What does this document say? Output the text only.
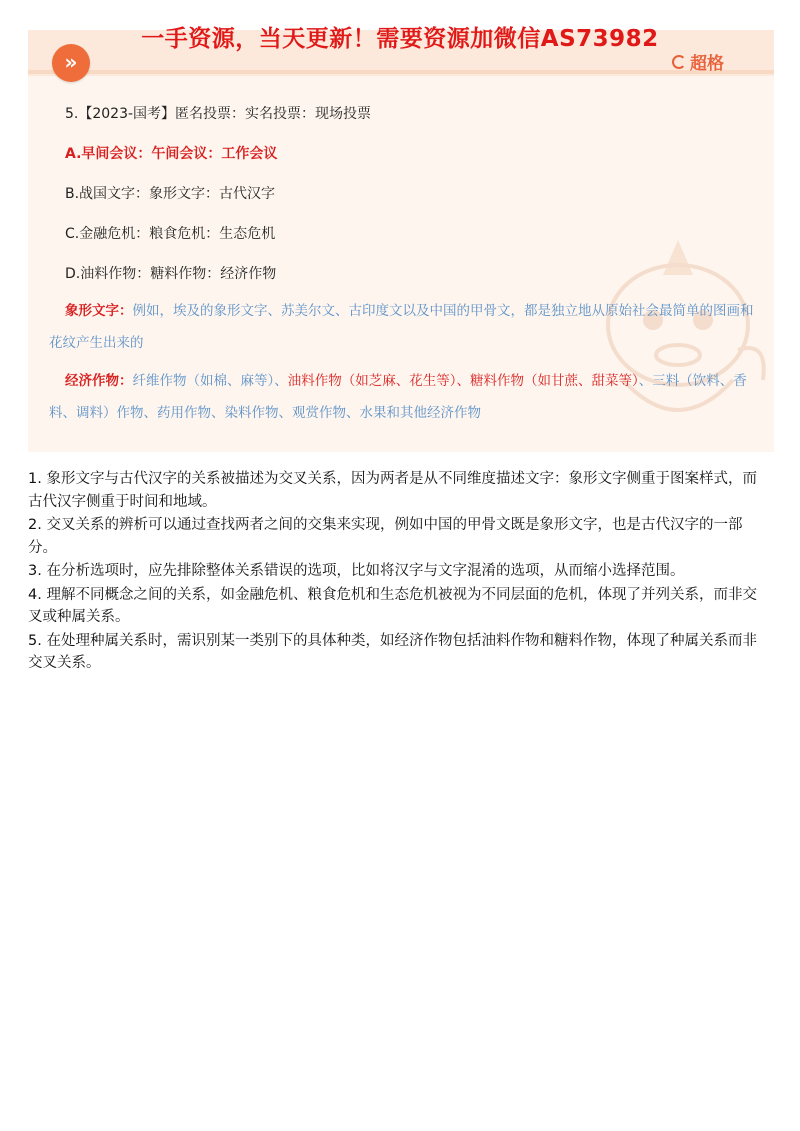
一手资源，当天更新！需要资源加微信AS73982
»	超格
5.【2023-国考】匿名投票：实名投票：现场投票
A.早间会议：午间会议：工作会议
B.战国文字：象形文字：古代汉字
C.金融危机：粮食危机：生态危机
D.油料作物：糖料作物：经济作物
象形文字：例如，埃及的象形文字、苏美尔文、古印度文以及中国的甲骨文，都是独立地从原始社会最简单的图画和花纹产生出来的
经济作物：纤维作物（如棉、麻等）、油料作物（如芝麻、花生等）、糖料作物（如甘蔗、甜菜等）、三料（饮料、香料、调料）作物、药用作物、染料作物、观赏作物、水果和其他经济作物

1. 象形文字与古代汉字的关系被描述为交叉关系，因为两者是从不同维度描述文字：象形文字侧重于图案样式，而古代汉字侧重于时间和地域。

2. 交叉关系的辨析可以通过查找两者之间的交集来实现，例如中国的甲骨文既是象形文字，也是古代汉字的一部分。

3. 在分析选项时，应先排除整体关系错误的选项，比如将汉字与文字混淆的选项，从而缩小选择范围。

4. 理解不同概念之间的关系，如金融危机、粮食危机和生态危机被视为不同层面的危机，体现了并列关系，而非交叉或种属关系。

5. 在处理种属关系时，需识别某一类别下的具体种类，如经济作物包括油料作物和糖料作物，体现了种属关系而非交叉关系。
